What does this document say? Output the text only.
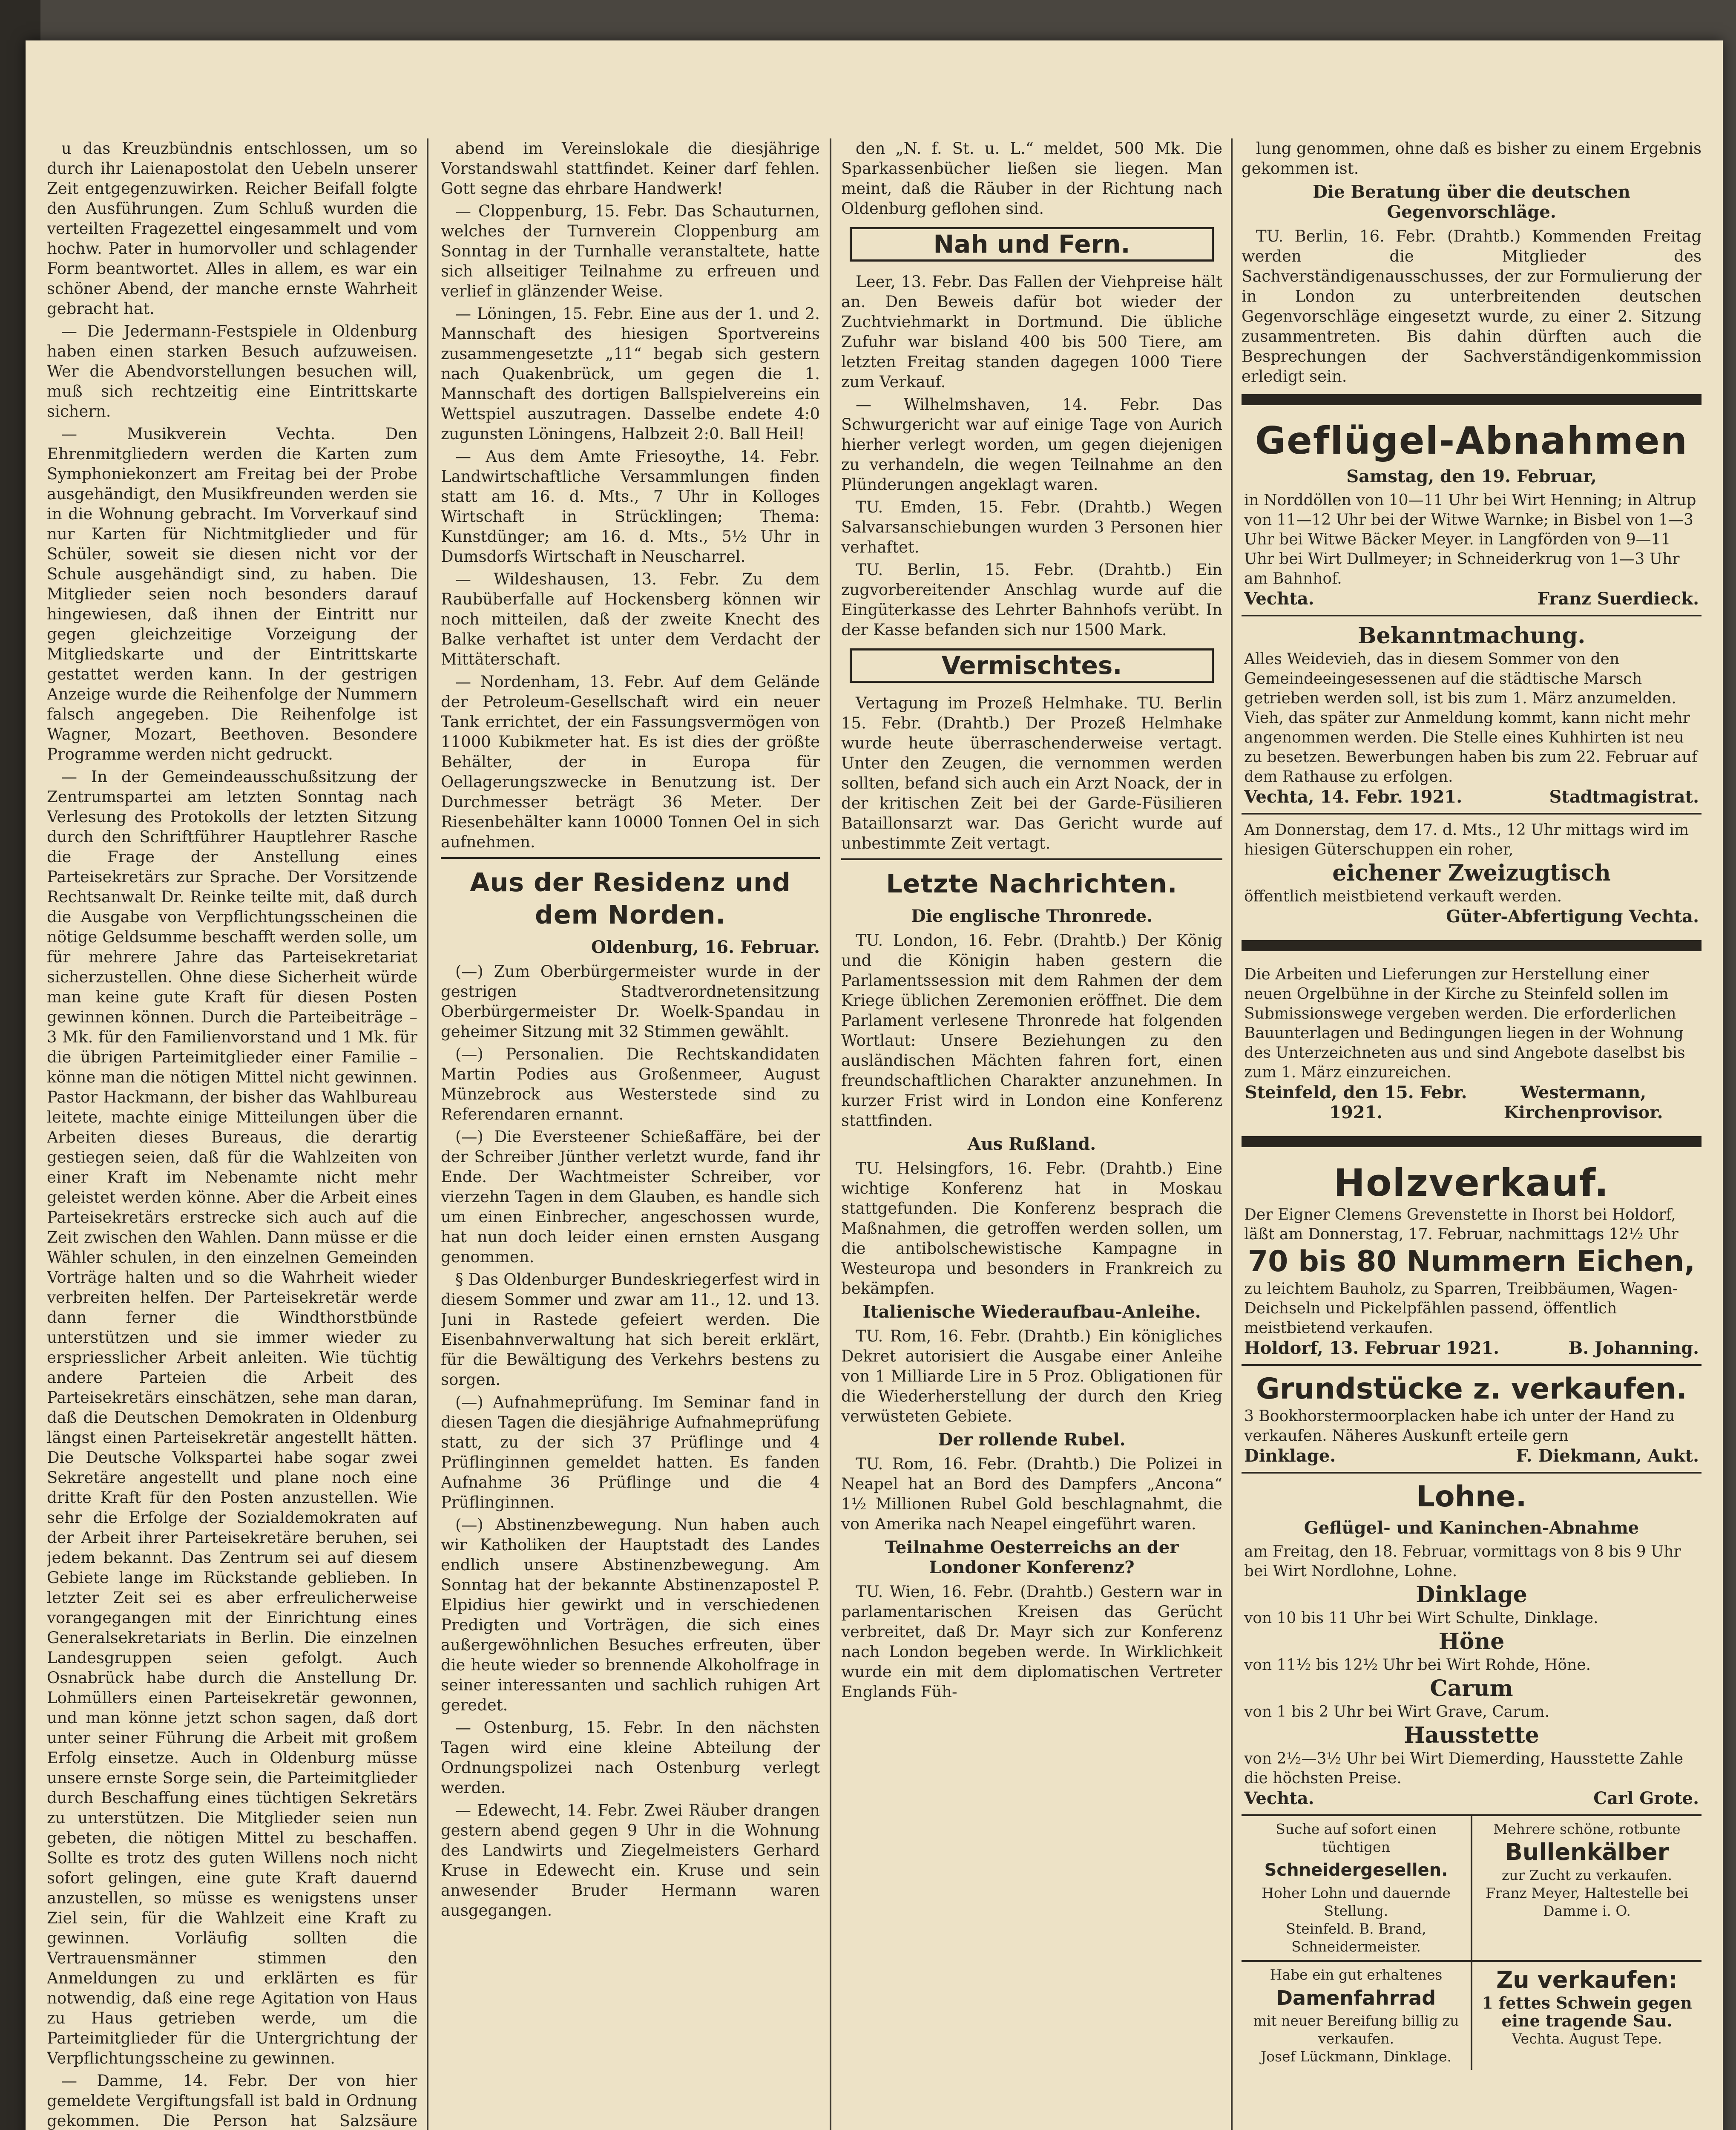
u das Kreuzbündnis entschlossen, um so durch ihr Laienapostolat den Uebeln unserer Zeit entgegenzuwirken. Reicher Beifall folgte den Ausführungen. Zum Schluß wurden die verteilten Fragezettel eingesammelt und vom hochw. Pater in humorvoller und schlagender Form beantwortet. Alles in allem, es war ein schöner Abend, der manche ernste Wahrheit gebracht hat.

— Die Jedermann-Festspiele in Oldenburg haben einen starken Besuch aufzuweisen. Wer die Abendvorstellungen besuchen will, muß sich rechtzeitig eine Eintrittskarte sichern.

— Musikverein Vechta. Den Ehrenmitgliedern werden die Karten zum Symphoniekonzert am Freitag bei der Probe ausgehändigt, den Musikfreunden werden sie in die Wohnung gebracht. Im Vorverkauf sind nur Karten für Nichtmitglieder und für Schüler, soweit sie diesen nicht vor der Schule ausgehändigt sind, zu haben. Die Mitglieder seien noch besonders darauf hingewiesen, daß ihnen der Eintritt nur gegen gleichzeitige Vorzeigung der Mitgliedskarte und der Eintrittskarte gestattet werden kann. In der gestrigen Anzeige wurde die Reihenfolge der Nummern falsch angegeben. Die Reihenfolge ist Wagner, Mozart, Beethoven. Besondere Programme werden nicht gedruckt.

— In der Gemeindeausschußsitzung der Zentrumspartei am letzten Sonntag nach Verlesung des Protokolls der letzten Sitzung durch den Schriftführer Hauptlehrer Rasche die Frage der Anstellung eines Parteisekretärs zur Sprache. Der Vorsitzende Rechtsanwalt Dr. Reinke teilte mit, daß durch die Ausgabe von Verpflichtungsscheinen die nötige Geldsumme beschafft werden solle, um für mehrere Jahre das Parteisekretariat sicherzustellen. Ohne diese Sicherheit würde man keine gute Kraft für diesen Posten gewinnen können. Durch die Parteibeiträge – 3 Mk. für den Familienvorstand und 1 Mk. für die übrigen Parteimitglieder einer Familie – könne man die nötigen Mittel nicht gewinnen. Pastor Hackmann, der bisher das Wahlbureau leitete, machte einige Mitteilungen über die Arbeiten dieses Bureaus, die derartig gestiegen seien, daß für die Wahlzeiten von einer Kraft im Nebenamte nicht mehr geleistet werden könne. Aber die Arbeit eines Parteisekretärs erstrecke sich auch auf die Zeit zwischen den Wahlen. Dann müsse er die Wähler schulen, in den einzelnen Gemeinden Vorträge halten und so die Wahrheit wieder verbreiten helfen. Der Parteisekretär werde dann ferner die Windthorstbünde unterstützen und sie immer wieder zu erspriesslicher Arbeit anleiten. Wie tüchtig andere Parteien die Arbeit des Parteisekretärs einschätzen, sehe man daran, daß die Deutschen Demokraten in Oldenburg längst einen Parteisekretär angestellt hätten. Die Deutsche Volkspartei habe sogar zwei Sekretäre angestellt und plane noch eine dritte Kraft für den Posten anzustellen. Wie sehr die Erfolge der Sozialdemokraten auf der Arbeit ihrer Parteisekretäre beruhen, sei jedem bekannt. Das Zentrum sei auf diesem Gebiete lange im Rückstande geblieben. In letzter Zeit sei es aber erfreulicherweise vorangegangen mit der Einrichtung eines Generalsekretariats in Berlin. Die einzelnen Landesgruppen seien gefolgt. Auch Osnabrück habe durch die Anstellung Dr. Lohmüllers einen Parteisekretär gewonnen, und man könne jetzt schon sagen, daß dort unter seiner Führung die Arbeit mit großem Erfolg einsetze. Auch in Oldenburg müsse unsere ernste Sorge sein, die Parteimitglieder durch Beschaffung eines tüchtigen Sekretärs zu unterstützen. Die Mitglieder seien nun gebeten, die nötigen Mittel zu beschaffen. Sollte es trotz des guten Willens noch nicht sofort gelingen, eine gute Kraft dauernd anzustellen, so müsse es wenigstens unser Ziel sein, für die Wahlzeit eine Kraft zu gewinnen. Vorläufig sollten die Vertrauensmänner stimmen den Anmeldungen zu und erklärten es für notwendig, daß eine rege Agitation von Haus zu Haus getrieben werde, um die Parteimitglieder für die Untergrichtung der Verpflichtungsscheine zu gewinnen.

— Damme, 14. Febr. Der von hier gemeldete Vergiftungsfall ist bald in Ordnung gekommen. Die Person hat Salzsäure

abend im Vereinslokale die diesjährige Vorstandswahl stattfindet. Keiner darf fehlen. Gott segne das ehrbare Handwerk!

— Cloppenburg, 15. Febr. Das Schauturnen, welches der Turnverein Cloppenburg am Sonntag in der Turnhalle veranstaltete, hatte sich allseitiger Teilnahme zu erfreuen und verlief in glänzender Weise.

— Löningen, 15. Febr. Eine aus der 1. und 2. Mannschaft des hiesigen Sportvereins zusammengesetzte „11“ begab sich gestern nach Quakenbrück, um gegen die 1. Mannschaft des dortigen Ballspielvereins ein Wettspiel auszutragen. Dasselbe endete 4:0 zugunsten Löningens, Halbzeit 2:0. Ball Heil!

— Aus dem Amte Friesoythe, 14. Febr. Landwirtschaftliche Versammlungen finden statt am 16. d. Mts., 7 Uhr in Kolloges Wirtschaft in Strücklingen; Thema: Kunstdünger; am 16. d. Mts., 5½ Uhr in Dumsdorfs Wirtschaft in Neuscharrel.

— Wildeshausen, 13. Febr. Zu dem Raubüberfalle auf Hockensberg können wir noch mitteilen, daß der zweite Knecht des Balke verhaftet ist unter dem Verdacht der Mittäterschaft.

— Nordenham, 13. Febr. Auf dem Gelände der Petroleum-Gesellschaft wird ein neuer Tank errichtet, der ein Fassungsvermögen von 11000 Kubikmeter hat. Es ist dies der größte Behälter, der in Europa für Oellagerungszwecke in Benutzung ist. Der Durchmesser beträgt 36 Meter. Der Riesenbehälter kann 10000 Tonnen Oel in sich aufnehmen.

Aus der Residenz und dem Norden.
Oldenburg, 16. Februar.

(—) Zum Oberbürgermeister wurde in der gestrigen Stadtverordnetensitzung Oberbürgermeister Dr. Woelk-Spandau in geheimer Sitzung mit 32 Stimmen gewählt.

(—) Personalien. Die Rechtskandidaten Martin Podies aus Großenmeer, August Münzebrock aus Westerstede sind zu Referendaren ernannt.

(—) Die Eversteener Schießaffäre, bei der der Schreiber Jünther verletzt wurde, fand ihr Ende. Der Wachtmeister Schreiber, vor vierzehn Tagen in dem Glauben, es handle sich um einen Einbrecher, angeschossen wurde, hat nun doch leider einen ernsten Ausgang genommen.

§ Das Oldenburger Bundeskriegerfest wird in diesem Sommer und zwar am 11., 12. und 13. Juni in Rastede gefeiert werden. Die Eisenbahnverwaltung hat sich bereit erklärt, für die Bewältigung des Verkehrs bestens zu sorgen.

(—) Aufnahmeprüfung. Im Seminar fand in diesen Tagen die diesjährige Aufnahmeprüfung statt, zu der sich 37 Prüflinge und 4 Prüflinginnen gemeldet hatten. Es fanden Aufnahme 36 Prüflinge und die 4 Prüflinginnen.

(—) Abstinenzbewegung. Nun haben auch wir Katholiken der Hauptstadt des Landes endlich unsere Abstinenzbewegung. Am Sonntag hat der bekannte Abstinenzapostel P. Elpidius hier gewirkt und in verschiedenen Predigten und Vorträgen, die sich eines außergewöhnlichen Besuches erfreuten, über die heute wieder so brennende Alkoholfrage in seiner interessanten und sachlich ruhigen Art geredet.

— Ostenburg, 15. Febr. In den nächsten Tagen wird eine kleine Abteilung der Ordnungspolizei nach Ostenburg verlegt werden.

— Edewecht, 14. Febr. Zwei Räuber drangen gestern abend gegen 9 Uhr in die Wohnung des Landwirts und Ziegelmeisters Gerhard Kruse in Edewecht ein. Kruse und sein anwesender Bruder Hermann waren ausgegangen.

den „N. f. St. u. L.“ meldet, 500 Mk. Die Sparkassenbücher ließen sie liegen. Man meint, daß die Räuber in der Richtung nach Oldenburg geflohen sind.

Nah und Fern.

Leer, 13. Febr. Das Fallen der Viehpreise hält an. Den Beweis dafür bot wieder der Zuchtviehmarkt in Dortmund. Die übliche Zufuhr war bisland 400 bis 500 Tiere, am letzten Freitag standen dagegen 1000 Tiere zum Verkauf.

— Wilhelmshaven, 14. Febr. Das Schwurgericht war auf einige Tage von Aurich hierher verlegt worden, um gegen diejenigen zu verhandeln, die wegen Teilnahme an den Plünderungen angeklagt waren.

TU. Emden, 15. Febr. (Drahtb.) Wegen Salvarsanschiebungen wurden 3 Personen hier verhaftet.

TU. Berlin, 15. Febr. (Drahtb.) Ein zugvorbereitender Anschlag wurde auf die Eingüterkasse des Lehrter Bahnhofs verübt. In der Kasse befanden sich nur 1500 Mark.

Vermischtes.

Vertagung im Prozeß Helmhake. TU. Berlin 15. Febr. (Drahtb.) Der Prozeß Helmhake wurde heute überraschenderweise vertagt. Unter den Zeugen, die vernommen werden sollten, befand sich auch ein Arzt Noack, der in der kritischen Zeit bei der Garde-Füsilieren Bataillonsarzt war. Das Gericht wurde auf unbestimmte Zeit vertagt.

Letzte Nachrichten.
Die englische Thronrede.

TU. London, 16. Febr. (Drahtb.) Der König und die Königin haben gestern die Parlamentssession mit dem Rahmen der dem Kriege üblichen Zeremonien eröffnet. Die dem Parlament verlesene Thronrede hat folgenden Wortlaut: Unsere Beziehungen zu den ausländischen Mächten fahren fort, einen freundschaftlichen Charakter anzunehmen. In kurzer Frist wird in London eine Konferenz stattfinden.

Aus Rußland.

TU. Helsingfors, 16. Febr. (Drahtb.) Eine wichtige Konferenz hat in Moskau stattgefunden. Die Konferenz besprach die Maßnahmen, die getroffen werden sollen, um die antibolschewistische Kampagne in Westeuropa und besonders in Frankreich zu bekämpfen.

Italienische Wiederaufbau-Anleihe.

TU. Rom, 16. Febr. (Drahtb.) Ein königliches Dekret autorisiert die Ausgabe einer Anleihe von 1 Milliarde Lire in 5 Proz. Obligationen für die Wiederherstellung der durch den Krieg verwüsteten Gebiete.

Der rollende Rubel.

TU. Rom, 16. Febr. (Drahtb.) Die Polizei in Neapel hat an Bord des Dampfers „Ancona“ 1½ Millionen Rubel Gold beschlagnahmt, die von Amerika nach Neapel eingeführt waren.

Teilnahme Oesterreichs an der Londoner Konferenz?

TU. Wien, 16. Febr. (Drahtb.) Gestern war in parlamentarischen Kreisen das Gerücht verbreitet, daß Dr. Mayr sich zur Konferenz nach London begeben werde. In Wirklichkeit wurde ein mit dem diplomatischen Vertreter Englands Füh-

lung genommen, ohne daß es bisher zu einem Ergebnis gekommen ist.

Die Beratung über die deutschen Gegenvorschläge.

TU. Berlin, 16. Febr. (Drahtb.) Kommenden Freitag werden die Mitglieder des Sachverständigenausschusses, der zur Formulierung der in London zu unterbreitenden deutschen Gegenvorschläge eingesetzt wurde, zu einer 2. Sitzung zusammentreten. Bis dahin dürften auch die Besprechungen der Sachverständigenkommission erledigt sein.

Geflügel-Abnahmen
Samstag, den 19. Februar,
in Norddöllen von 10—11 Uhr bei Wirt Henning; in Altrup von 11—12 Uhr bei der Witwe Warnke; in Bisbel von 1—3 Uhr bei Witwe Bäcker Meyer. in Langförden von 9—11 Uhr bei Wirt Dullmeyer; in Schneiderkrug von 1—3 Uhr am Bahnhof.
Vechta.	Franz Suerdieck.
Bekanntmachung.
Alles Weidevieh, das in diesem Sommer von den Gemeindeeingesessenen auf die städtische Marsch getrieben werden soll, ist bis zum 1. März anzumelden. Vieh, das später zur Anmeldung kommt, kann nicht mehr angenommen werden. Die Stelle eines Kuhhirten ist neu zu besetzen. Bewerbungen haben bis zum 22. Februar auf dem Rathause zu erfolgen.
Vechta, 14. Febr. 1921.	Stadtmagistrat.
Am Donnerstag, dem 17. d. Mts., 12 Uhr mittags wird im hiesigen Güterschuppen ein roher,
eichener Zweizugtisch
öffentlich meistbietend verkauft werden.
Güter-Abfertigung Vechta.
Die Arbeiten und Lieferungen zur Herstellung einer neuen Orgelbühne in der Kirche zu Steinfeld sollen im Submissionswege vergeben werden. Die erforderlichen Bauunterlagen und Bedingungen liegen in der Wohnung des Unterzeichneten aus und sind Angebote daselbst bis zum 1. März einzureichen.
Steinfeld, den 15. Febr. 1921.
Westermann, Kirchenprovisor.
Holzverkauf.
Der Eigner Clemens Grevenstette in Ihorst bei Holdorf, läßt am Donnerstag, 17. Februar, nachmittags 12½ Uhr
70 bis 80 Nummern Eichen,
zu leichtem Bauholz, zu Sparren, Treibbäumen, Wagen-Deichseln und Pickelpfählen passend, öffentlich meistbietend verkaufen.
Holdorf, 13. Februar 1921.	B. Johanning.
Grundstücke z. verkaufen.
3 Bookhorstermoorplacken habe ich unter der Hand zu verkaufen. Näheres Auskunft erteile gern
Dinklage.	F. Diekmann, Aukt.
Lohne.
Geflügel- und Kaninchen-Abnahme
am Freitag, den 18. Februar, vormittags von 8 bis 9 Uhr bei Wirt Nordlohne, Lohne.
Dinklage
von 10 bis 11 Uhr bei Wirt Schulte, Dinklage.
Höne
von 11½ bis 12½ Uhr bei Wirt Rohde, Höne.
Carum
von 1 bis 2 Uhr bei Wirt Grave, Carum.
Hausstette
von 2½—3½ Uhr bei Wirt Diemerding, Hausstette Zahle die höchsten Preise.
Vechta.	Carl Grote.
Suche auf sofort einen tüchtigen
Schneidergesellen.
Hoher Lohn und dauernde Stellung.
Steinfeld. B. Brand, Schneidermeister.
Mehrere schöne, rotbunte
Bullenkälber
zur Zucht zu verkaufen.
Franz Meyer, Haltestelle bei Damme i. O.
Habe ein gut erhaltenes
Damenfahrrad
mit neuer Bereifung billig zu verkaufen.
Josef Lückmann, Dinklage.
Zu verkaufen:
1 fettes Schwein gegen eine tragende Sau.
Vechta. August Tepe.
